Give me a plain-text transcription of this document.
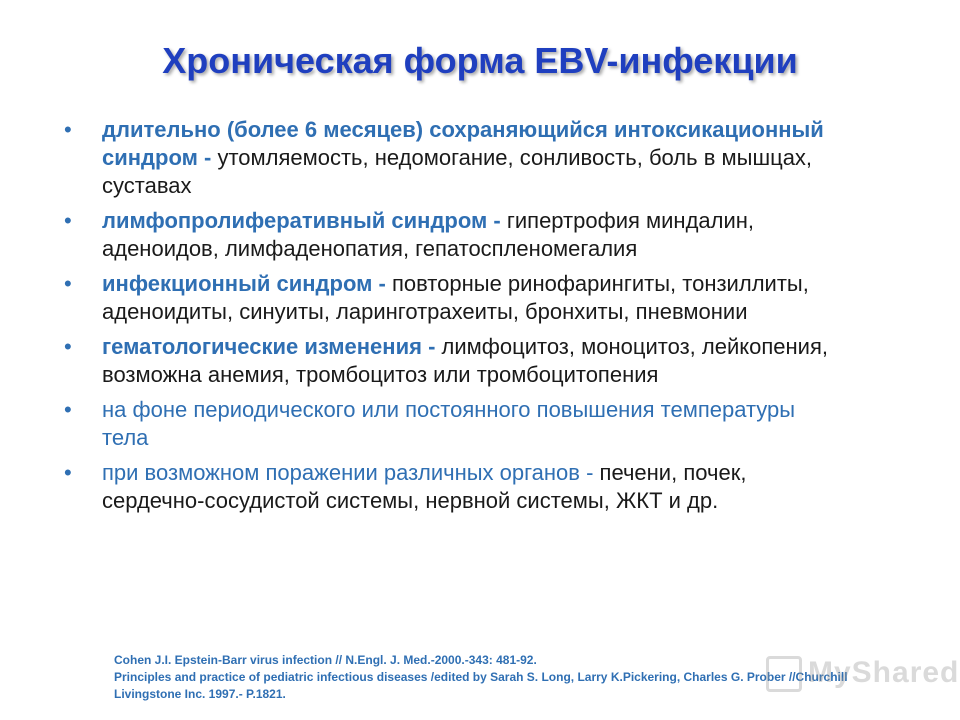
Хроническая форма EBV-инфекции
• длительно (более 6 месяцев) сохраняющийся интоксикационный синдром - утомляемость, недомогание, сонливость, боль в мышцах, суставах
• лимфопролиферативный синдром - гипертрофия миндалин, аденоидов, лимфаденопатия, гепатоспленомегалия
• инфекционный синдром - повторные ринофарингиты, тонзиллиты, аденоидиты, синуиты, ларинготрахеиты, бронхиты, пневмонии
• гематологические изменения - лимфоцитоз, моноцитоз, лейкопения, возможна анемия, тромбоцитоз или тромбоцитопения
• на фоне периодического или постоянного повышения температуры тела
• при возможном поражении различных органов - печени, почек, сердечно-сосудистой системы, нервной системы, ЖКТ и др.
Cohen J.I. Epstein-Barr virus infection // N.Engl. J. Med.-2000.-343: 481-92.
Principles and practice of pediatric infectious diseases /edited by Sarah S. Long, Larry K.Pickering, Charles G. Prober //Churchill Livingstone Inc. 1997.- P.1821.
MyShared
